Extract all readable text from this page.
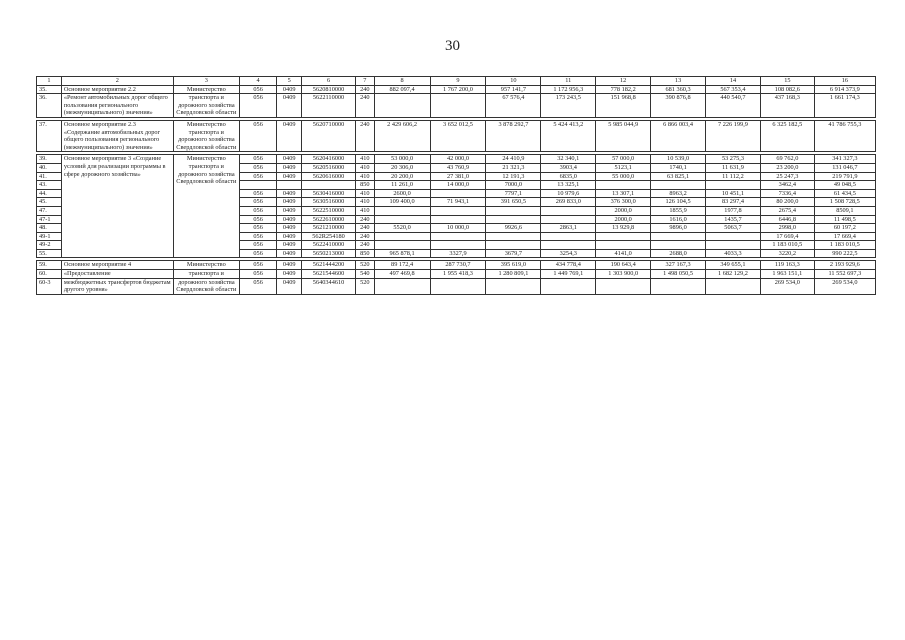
30
1	2	3	4	5	6	7	8	9	10	11	12	13	14	15	16
35.	Основное мероприятие 2.2	Министерство	056	0409	5620810000	240	882 097,4	1 767 200,0	957 141,7	1 172 956,3	778 182,2	681 360,3	567 353,4	108 082,6	6 914 373,9
36.	«Ремонт автомобильных дорог общего пользования регионального (межмуниципального) значения»	транспорта и дорожного хозяйства Свердловской области	056	0409	5622110000	240			67 576,4	173 243,5	151 968,8	390 876,8	440 540,7	437 168,3	1 661 174,3

37.	Основное мероприятие 2.3 «Содержание автомобильных дорог общего пользования регионального (межмуниципального) значения»	Министерство транспорта и дорожного хозяйства Свердловской области	056	0409	5620710000	240	2 429 606,2	3 652 012,5	3 878 292,7	5 424 413,2	5 985 044,9	6 866 003,4	7 226 199,9	6 325 182,5	41 786 755,3

39.	Основное мероприятие 3 «Создание условий для реализации программы в сфере дорожного хозяйства»	Министерство транспорта и дорожного хозяйства Свердловской области	056	0409	5620416000	410	53 000,0	42 000,0	24 410,9	32 340,1	57 000,0	10 539,0	53 275,3	69 762,0	341 327,3
40.			056	0409	5620516000	410	20 306,0	43 760,9	21 321,3	3903,4	5123,1	1740,1	11 631,9	23 200,0	131 046,7
41.			056	0409	5620616000	410	20 200,0	27 381,0	12 191,3	6835,0	55 000,0	63 825,1	11 112,2	25 247,3	219 791,9
43.						850	11 261,0	14 000,0	7000,0	13 325,1				3462,4	49 048,5
44.			056	0409	5630416000	410	2600,0		7797,1	10 979,6	13 307,1	8963,2	10 451,1	7336,4	61 434,5
45.			056	0409	5630516000	410	109 400,0	71 943,1	391 650,5	269 833,0	376 300,0	126 104,5	83 297,4	80 200,0	1 508 728,5
47.			056	0409	5622510000	410					2000,0	1855,9	1977,8	2675,4	8509,1
47-1			056	0409	5622610000	240					2000,0	1616,0	1435,7	6446,8	11 498,5
48.			056	0409	5621210000	240	5520,0	10 000,0	9926,6	2863,1	13 929,8	9896,0	5063,7	2998,0	60 197,2
49-1			056	0409	562R254180	240								17 669,4	17 669,4
49-2			056	0409	5622410000	240								1 183 010,5	1 183 010,5
55.			056	0409	5650213000	850	965 878,1	3327,9	3679,7	3254,3	4141,0	2688,0	4033,3	3220,2	990 222,5

59.	Основное мероприятие 4	Министерство	056	0409	5621444200	520	89 172,4	287 730,7	395 619,0	434 778,4	190 643,4	327 167,3	349 655,1	119 163,3	2 193 929,6
60.	«Предоставление	транспорта и	056	0409	5621544600	540	497 469,8	1 955 418,3	1 280 809,1	1 449 769,1	1 303 900,0	1 498 050,5	1 682 129,2	1 963 151,1	11 552 697,3
60-3	межбюджетных трансфертов бюджетам другого уровня»	дорожного хозяйства Свердловской области	056	0409	5640344610	520								269 534,0	269 534,0
